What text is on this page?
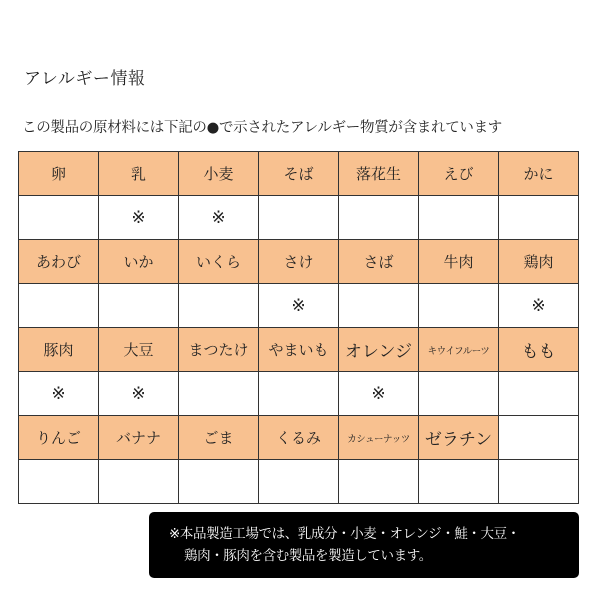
アレルギー情報
この製品の原材料には下記の●で示されたアレルギー物質が含まれています
卵	乳	小麦	そば	落花生	えび	かに
	※	※				
あわび	いか	いくら	さけ	さば	牛肉	鶏肉
			※			※
豚肉	大豆	まつたけ	やまいも	オレンジ	キウイフルーツ	もも
※	※			※		
りんご	バナナ	ごま	くるみ	カシューナッツ	ゼラチン	

※本品製造工場では、乳成分・小麦・オレンジ・鮭・大豆・
鶏肉・豚肉を含む製品を製造しています。
